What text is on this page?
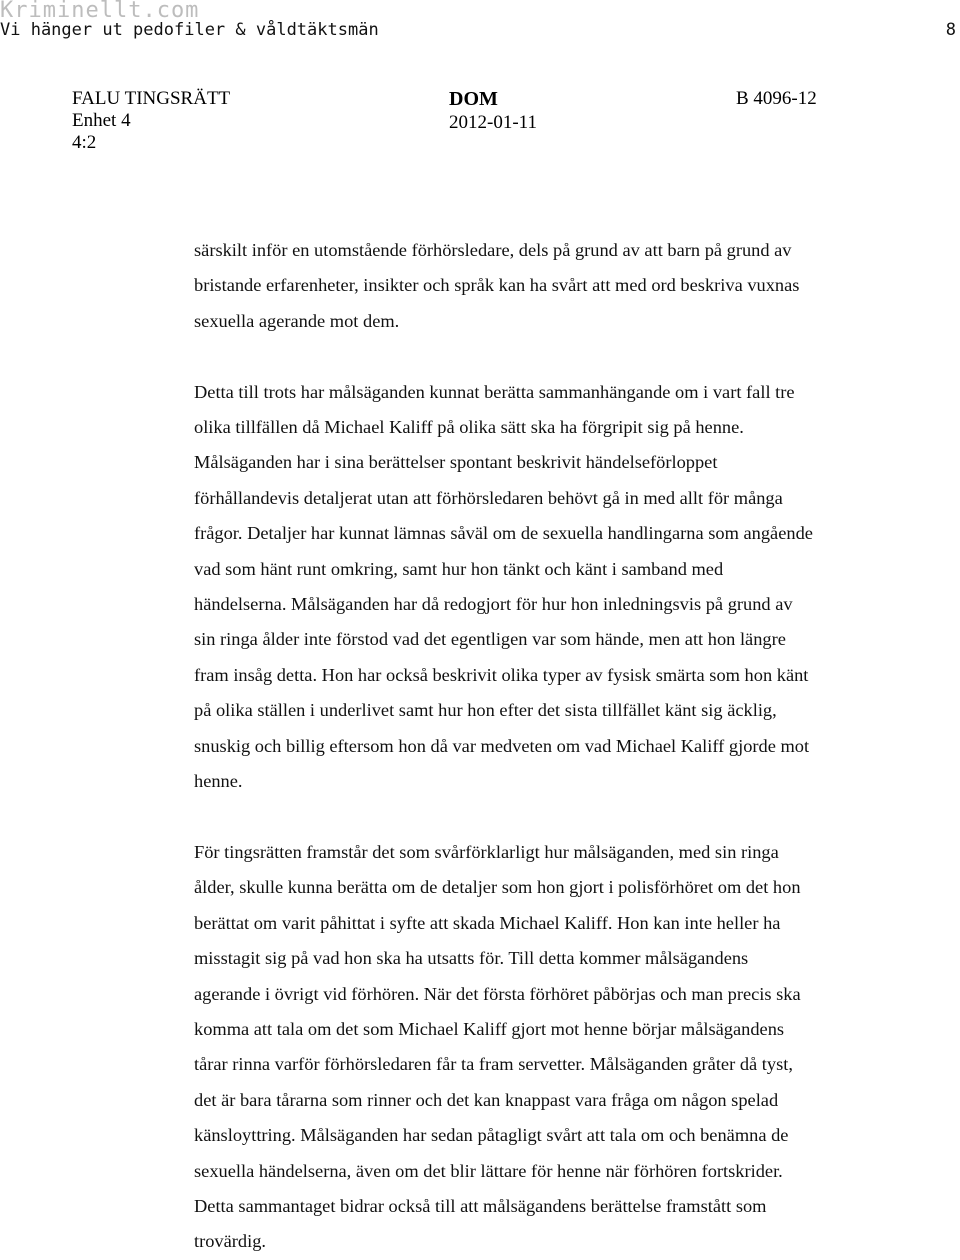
Kriminellt.com
Vi hänger ut pedofiler & våldtäktsmän	8
FALU TINGSRÄTT
Enhet 4
4:2
DOM
2012-01-11
B 4096-12

särskilt inför en utomstående förhörsledare, dels på grund av att barn på grund av

bristande erfarenheter, insikter och språk kan ha svårt att med ord beskriva vuxnas

sexuella agerande mot dem.

Detta till trots har målsäganden kunnat berätta sammanhängande om i vart fall tre

olika tillfällen då Michael Kaliff på olika sätt ska ha förgripit sig på henne.

Målsäganden har i sina berättelser spontant beskrivit händelseförloppet

förhållandevis detaljerat utan att förhörsledaren behövt gå in med allt för många

frågor. Detaljer har kunnat lämnas såväl om de sexuella handlingarna som angående

vad som hänt runt omkring, samt hur hon tänkt och känt i samband med

händelserna. Målsäganden har då redogjort för hur hon inledningsvis på grund av

sin ringa ålder inte förstod vad det egentligen var som hände, men att hon längre

fram insåg detta. Hon har också beskrivit olika typer av fysisk smärta som hon känt

på olika ställen i underlivet samt hur hon efter det sista tillfället känt sig äcklig,

snuskig och billig eftersom hon då var medveten om vad Michael Kaliff gjorde mot

henne.

För tingsrätten framstår det som svårförklarligt hur målsäganden, med sin ringa

ålder, skulle kunna berätta om de detaljer som hon gjort i polisförhöret om det hon

berättat om varit påhittat i syfte att skada Michael Kaliff. Hon kan inte heller ha

misstagit sig på vad hon ska ha utsatts för. Till detta kommer målsägandens

agerande i övrigt vid förhören. När det första förhöret påbörjas och man precis ska

komma att tala om det som Michael Kaliff gjort mot henne börjar målsägandens

tårar rinna varför förhörsledaren får ta fram servetter. Målsäganden gråter då tyst,

det är bara tårarna som rinner och det kan knappast vara fråga om någon spelad

känsloyttring. Målsäganden har sedan påtagligt svårt att tala om och benämna de

sexuella händelserna, även om det blir lättare för henne när förhören fortskrider.

Detta sammantaget bidrar också till att målsägandens berättelse framstått som

trovärdig.
